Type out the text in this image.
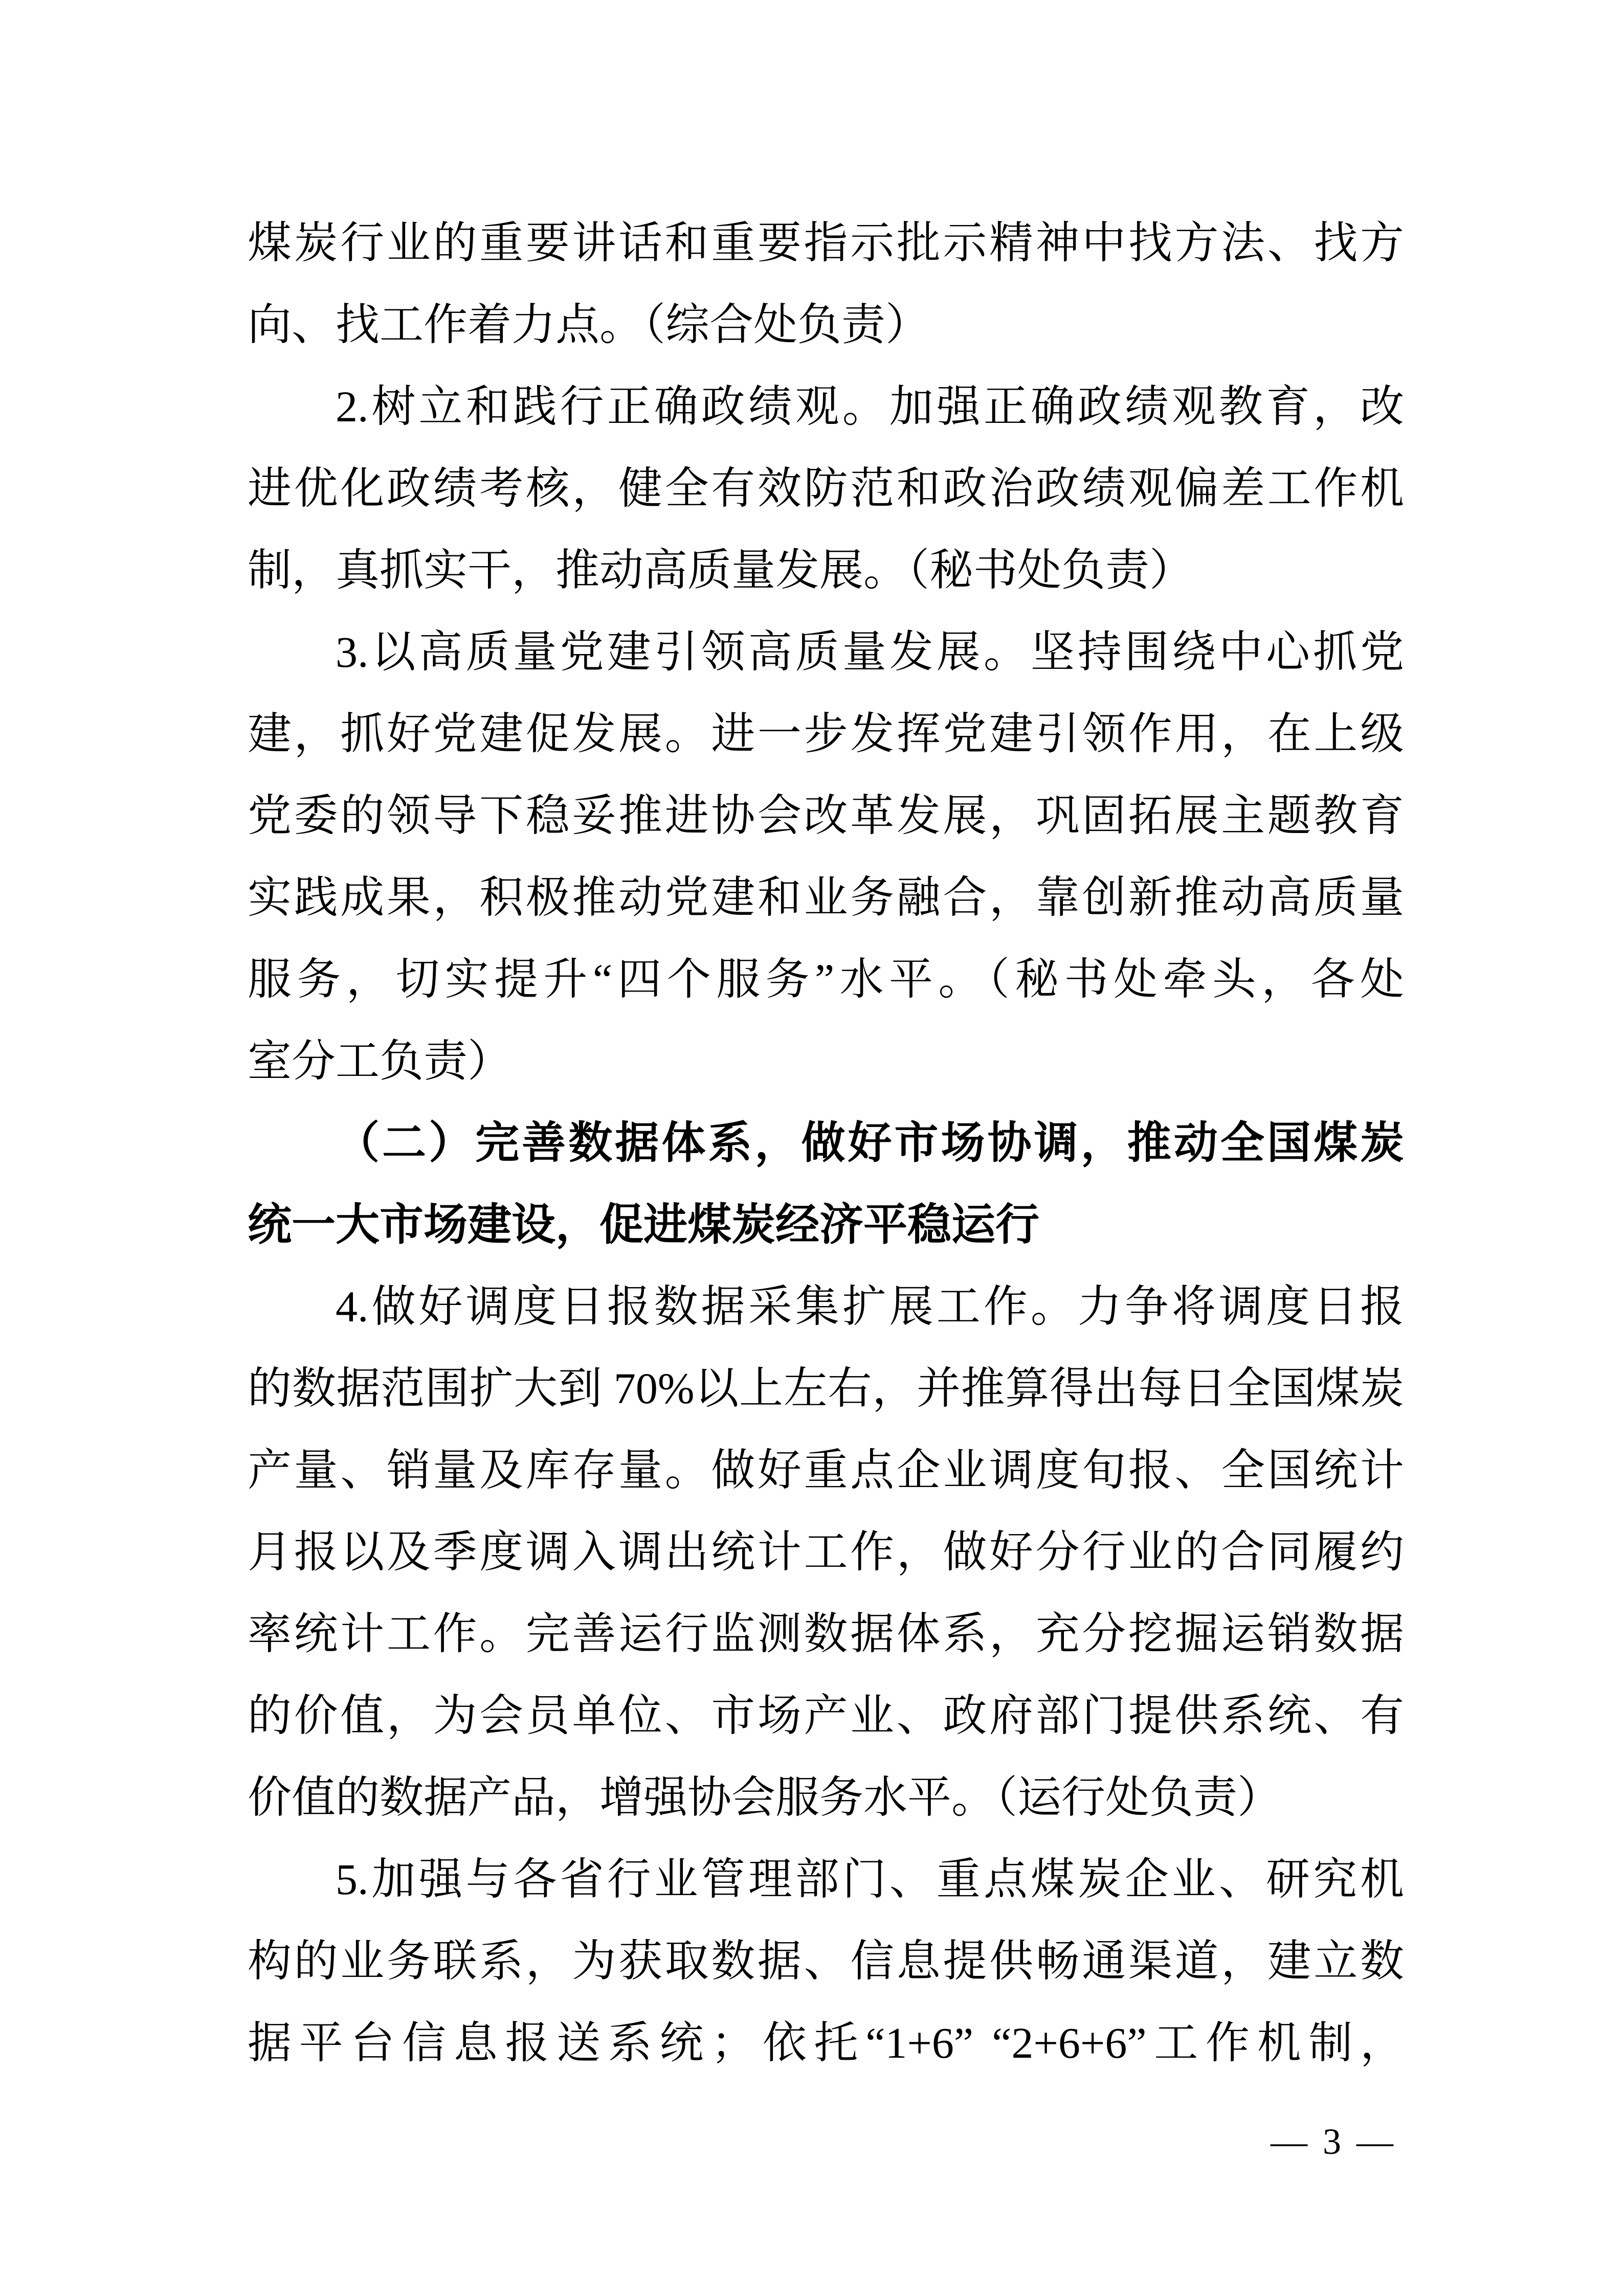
煤炭行业的重要讲话和重要指示批示精神中找方法、找方
向、找工作着力点。（综合处负责）
2.树立和践行正确政绩观。加强正确政绩观教育，改
进优化政绩考核，健全有效防范和政治政绩观偏差工作机
制，真抓实干，推动高质量发展。（秘书处负责）
3.以高质量党建引领高质量发展。坚持围绕中心抓党
建，抓好党建促发展。进一步发挥党建引领作用，在上级
党委的领导下稳妥推进协会改革发展，巩固拓展主题教育
实践成果，积极推动党建和业务融合，靠创新推动高质量
服务，切实提升“四个服务”水平。（秘书处牵头，各处
室分工负责）
（二）完善数据体系，做好市场协调，推动全国煤炭
统一大市场建设，促进煤炭经济平稳运行
4.做好调度日报数据采集扩展工作。力争将调度日报
的数据范围扩大到 70%以上左右，并推算得出每日全国煤炭
产量、销量及库存量。做好重点企业调度旬报、全国统计
月报以及季度调入调出统计工作，做好分行业的合同履约
率统计工作。完善运行监测数据体系，充分挖掘运销数据
的价值，为会员单位、市场产业、政府部门提供系统、有
价值的数据产品，增强协会服务水平。（运行处负责）
5.加强与各省行业管理部门、重点煤炭企业、研究机
构的业务联系，为获取数据、信息提供畅通渠道，建立数
据平台信息报送系统；依托“1+6” “2+6+6”工作机制，
— 3 —
